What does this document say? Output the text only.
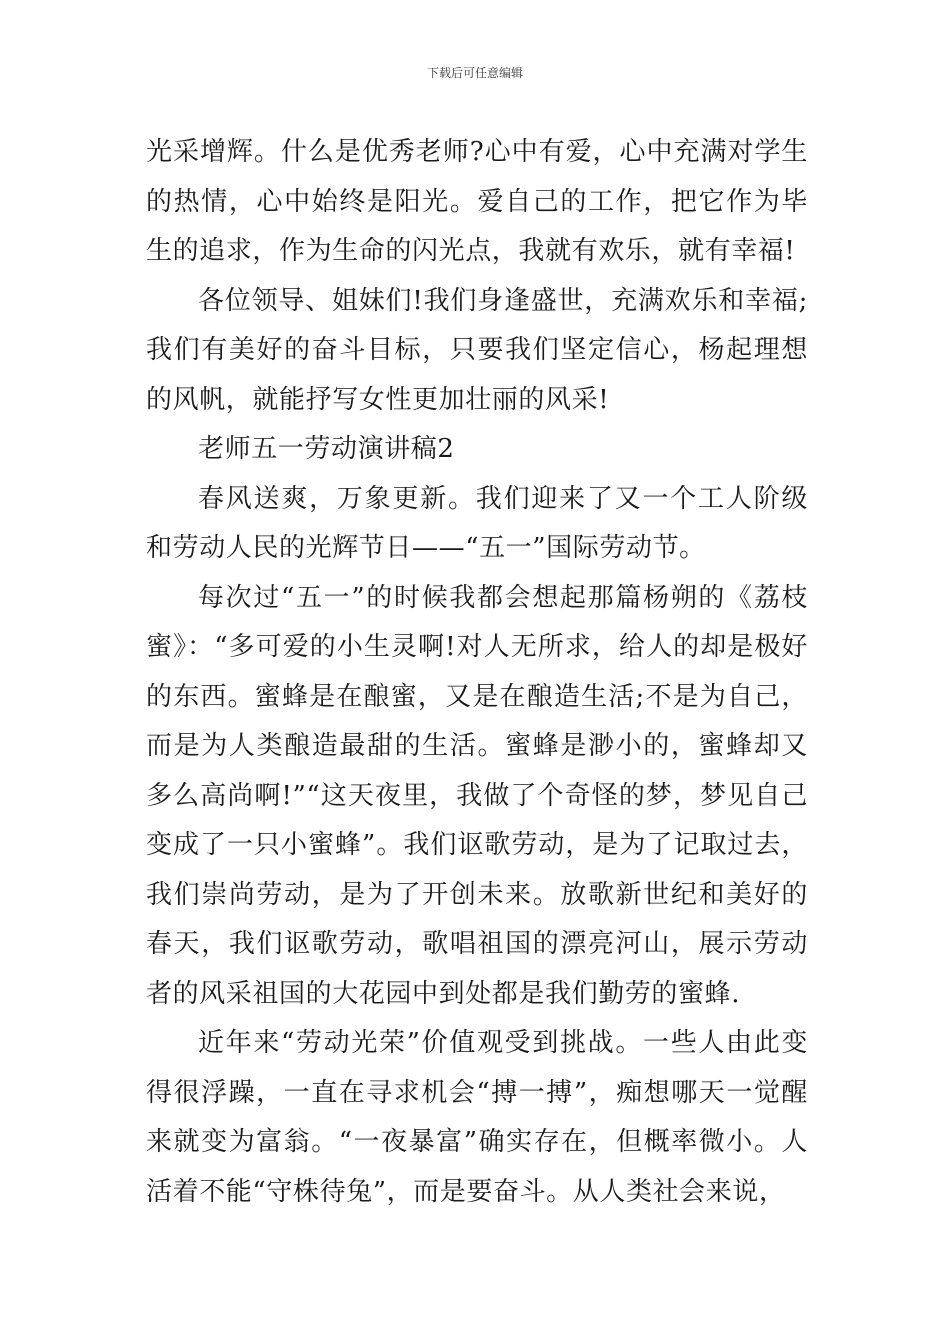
下载后可任意编辑

光采增辉。什么是优秀老师?心中有爱，心中充满对学生的热情，心中始终是阳光。爱自己的工作，把它作为毕生的追求，作为生命的闪光点，我就有欢乐，就有幸福!

各位领导、姐妹们!我们身逢盛世，充满欢乐和幸福;我们有美好的奋斗目标，只要我们坚定信心，杨起理想的风帆，就能抒写女性更加壮丽的风采!

老师五一劳动演讲稿2

春风送爽，万象更新。我们迎来了又一个工人阶级和劳动人民的光辉节日——“五一”国际劳动节。

每次过“五一”的时候我都会想起那篇杨朔的《荔枝蜜》：“多可爱的小生灵啊!对人无所求，给人的却是极好的东西。蜜蜂是在酿蜜，又是在酿造生活;不是为自己，而是为人类酿造最甜的生活。蜜蜂是渺小的，蜜蜂却又多么高尚啊!”“这天夜里，我做了个奇怪的梦，梦见自己变成了一只小蜜蜂”。我们讴歌劳动，是为了记取过去，我们崇尚劳动，是为了开创未来。放歌新世纪和美好的春天，我们讴歌劳动，歌唱祖国的漂亮河山，展示劳动者的风采祖国的大花园中到处都是我们勤劳的蜜蜂.

近年来“劳动光荣”价值观受到挑战。一些人由此变得很浮躁，一直在寻求机会“搏一搏”，痴想哪天一觉醒来就变为富翁。“一夜暴富”确实存在，但概率微小。人活着不能“守株待兔”，而是要奋斗。从人类社会来说，
